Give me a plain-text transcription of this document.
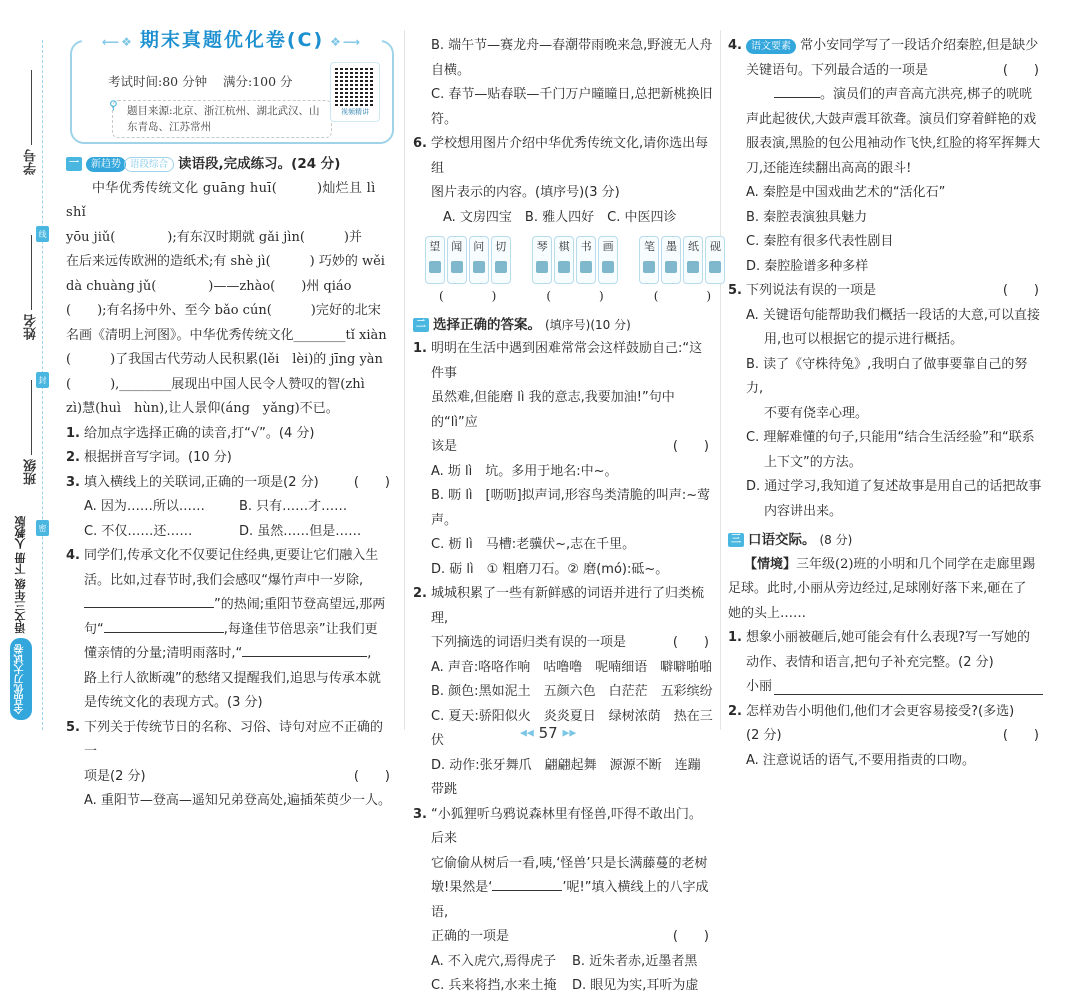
学号
姓名
班级
线
封
密
全品优刀大试卷
语文三年级 下册 人教版
⟵❖ 期末真题优化卷(C) ❖⟶
考试时间:80 分钟 满分:100 分
⚲ 题目来源:北京、浙江杭州、湖北武汉、山东青岛、江苏常州
视频精讲
一	新趋势 语段综合 读语段,完成练习。(24 分)
中华优秀传统文化 guāng huī(　　　)灿烂且 lì shǐ
yōu jiǔ(　　　　);有东汉时期就 gǎi jìn(　　　)并
在后来远传欧洲的造纸术;有 shè jì(　　　) 巧妙的 wěi
dà chuàng jǔ(　　　　)——zhào(　　)州 qiáo
(　　);有名扬中外、至今 bǎo cún(　　　)完好的北宋
名画《清明上河图》。中华优秀传统文化________tǐ xiàn
(　　　)了我国古代劳动人民积累(lěi　lèi)的 jīng yàn
(　　　),________展现出中国人民令人赞叹的智(zhì
zì)慧(huì　hùn),让人景仰(áng　yǎng)不已。
1. 给加点字选择正确的读音,打“√”。(4 分)
2. 根据拼音写字词。(10 分)
3. 填入横线上的关联词,正确的一项是(2 分)	(　　)
A. 因为……所以……	B. 只有……才……
C. 不仅……还……	D. 虽然……但是……
4. 同学们,传承文化不仅要记住经典,更要让它们融入生
活。比如,过春节时,我们会感叹“爆竹声中一岁除,
”的热闹;重阳节登高望远,那两
句“	,每逢佳节倍思亲”让我们更
懂亲情的分量;清明雨落时,“	,
路上行人欲断魂”的愁绪又提醒我们,追思与传承本就
是传统文化的表现方式。(3 分)
5. 下列关于传统节日的名称、习俗、诗句对应不正确的一
项是(2 分)	(　　)
A. 重阳节—登高—遥知兄弟登高处,遍插茱萸少一人。
B. 端午节—赛龙舟—春潮带雨晚来急,野渡无人舟自横。
C. 春节—贴春联—千门万户曈曈日,总把新桃换旧符。
6. 学校想用图片介绍中华优秀传统文化,请你选出每组
图片表示的内容。(填序号)(3 分)
A. 文房四宝　B. 雅人四好　C. 中医四诊
望 闻 问 切
(　)
琴 棋 书 画
(　)
笔 墨 纸 砚
(　)
二 选择正确的答案。 (填序号)(10 分)
1. 明明在生活中遇到困难常常会这样鼓励自己:“这件事
虽然难,但能磨 lì 我的意志,我要加油!”句中的“lì”应
该是	(　　)
A. 坜 lì　坑。多用于地名:中~。
B. 呖 lì　[呖呖]拟声词,形容鸟类清脆的叫声:~莺声。
C. 枥 lì　马槽:老骥伏~,志在千里。
D. 砺 lì　① 粗磨刀石。② 磨(mó):砥~。
2. 城城积累了一些有新鲜感的词语并进行了归类梳理,
下列摘选的词语归类有误的一项是	(　　)
A. 声音:咯咯作响　咕噜噜　呢喃细语　噼噼啪啪
B. 颜色:黑如泥土　五颜六色　白茫茫　五彩缤纷
C. 夏天:骄阳似火　炎炎夏日　绿树浓荫　热在三伏
D. 动作:张牙舞爪　翩翩起舞　源源不断　连蹦带跳
3. “小狐狸听乌鸦说森林里有怪兽,吓得不敢出门。后来
它偷偷从树后一看,咦,‘怪兽’只是长满藤蔓的老树
墩!果然是‘	’呢!”填入横线上的八字成语,
正确的一项是	(　　)
A. 不入虎穴,焉得虎子	B. 近朱者赤,近墨者黑
C. 兵来将挡,水来土掩	D. 眼见为实,耳听为虚
4. 语文要素 常小安同学写了一段话介绍秦腔,但是缺少
关键语句。下列最合适的一项是	(　　)
。演员们的声音高亢洪亮,梆子的咣咣
声此起彼伏,大鼓声震耳欲聋。演员们穿着鲜艳的戏
服表演,黑脸的包公甩袖动作飞快,红脸的将军挥舞大
刀,还能连续翻出高高的跟斗!
A. 秦腔是中国戏曲艺术的“活化石”
B. 秦腔表演独具魅力
C. 秦腔有很多代表性剧目
D. 秦腔脸谱多种多样
5. 下列说法有误的一项是	(　　)
A. 关键语句能帮助我们概括一段话的大意,可以直接
用,也可以根据它的提示进行概括。
B. 读了《守株待兔》,我明白了做事要靠自己的努力,
不要有侥幸心理。
C. 理解难懂的句子,只能用“结合生活经验”和“联系
上下文”的方法。
D. 通过学习,我知道了复述故事是用自己的话把故事
内容讲出来。
三 口语交际。 (8 分)
【情境】三年级(2)班的小明和几个同学在走廊里踢
足球。此时,小丽从旁边经过,足球刚好落下来,砸在了
她的头上……
1. 想象小丽被砸后,她可能会有什么表现?写一写她的
动作、表情和语言,把句子补充完整。(2 分)
小丽
2. 怎样劝告小明他们,他们才会更容易接受?(多选)
(2 分)	(　　)
A. 注意说话的语气,不要用指责的口吻。
◀◀ 57 ▶▶
